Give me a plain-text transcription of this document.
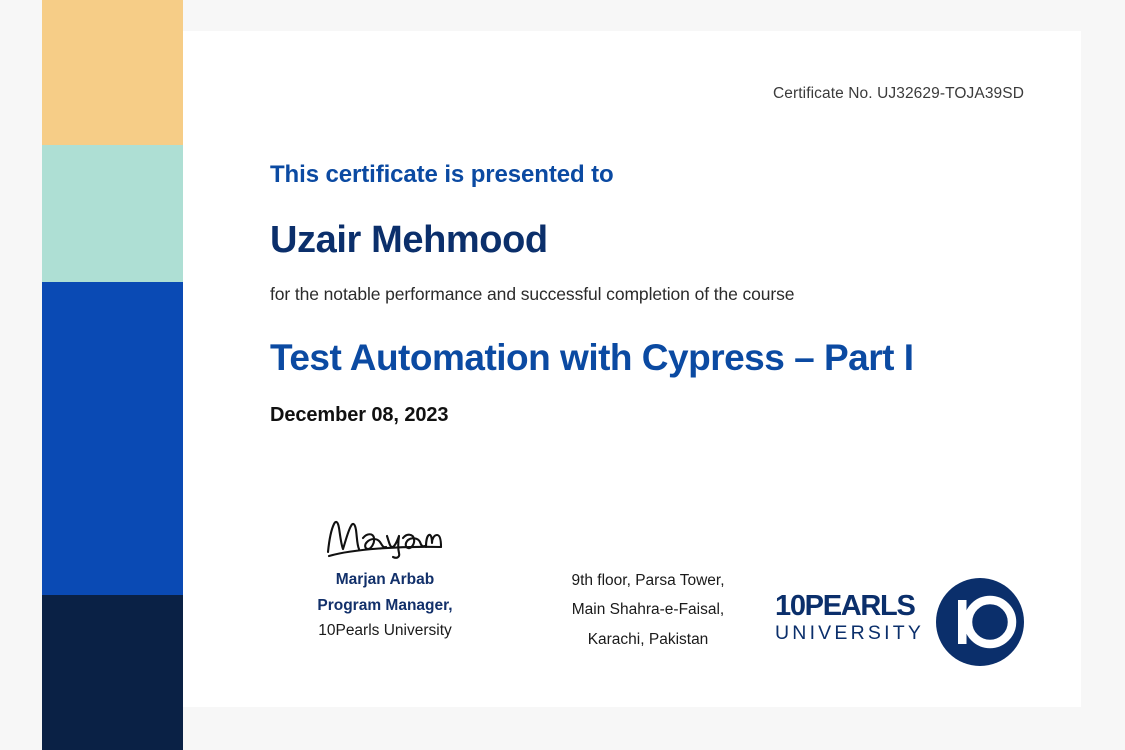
Certificate No. UJ32629-TOJA39SD
This certificate is presented to
Uzair Mehmood
for the notable performance and successful completion of the course
Test Automation with Cypress – Part I
December 08, 2023
Marjan Arbab
Program Manager,
10Pearls University
9th floor, Parsa Tower,
Main Shahra-e-Faisal,
Karachi, Pakistan
10PEARLS
UNIVERSITY
